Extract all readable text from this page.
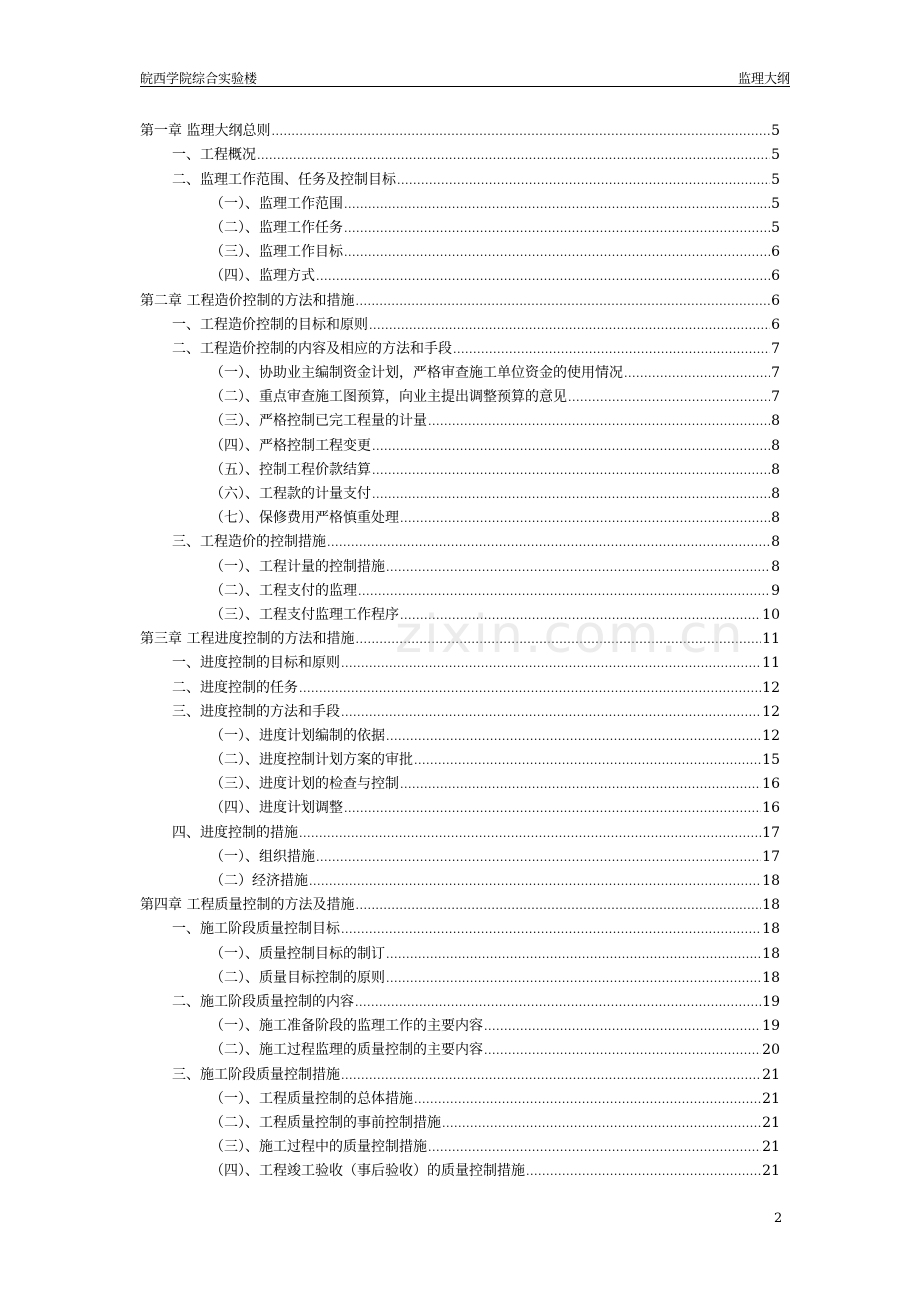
皖西学院综合实验楼	监理大纲
第一章 监理大纲总则 .....	5
一、工程概况 .....	5
二、监理工作范围、任务及控制目标 .....	5
（一）、监理工作范围 .....	5
（二）、监理工作任务 .....	5
（三）、监理工作目标 .....	6
（四）、监理方式 .....	6
第二章 工程造价控制的方法和措施 .....	6
一、工程造价控制的目标和原则 .....	6
二、工程造价控制的内容及相应的方法和手段 .....	7
（一）、协助业主编制资金计划，严格审查施工单位资金的使用情况 .....	7
（二）、重点审查施工图预算，向业主提出调整预算的意见 .....	7
（三）、严格控制已完工程量的计量 .....	8
（四）、严格控制工程变更 .....	8
（五）、控制工程价款结算 .....	8
（六）、工程款的计量支付 .....	8
（七）、保修费用严格慎重处理 .....	8
三、工程造价的控制措施 .....	8
（一）、工程计量的控制措施 .....	8
（二）、工程支付的监理 .....	9
（三）、工程支付监理工作程序 .....	10
第三章 工程进度控制的方法和措施 .....	11
一、进度控制的目标和原则 .....	11
二、进度控制的任务 .....	12
三、进度控制的方法和手段 .....	12
（一）、进度计划编制的依据 .....	12
（二）、进度控制计划方案的审批 .....	15
（三）、进度计划的检查与控制 .....	16
（四）、进度计划调整 .....	16
四、进度控制的措施 .....	17
（一）、组织措施 .....	17
（二）经济措施 .....	18
第四章 工程质量控制的方法及措施 .....	18
一、施工阶段质量控制目标 .....	18
（一）、质量控制目标的制订 .....	18
（二）、质量目标控制的原则 .....	18
二、施工阶段质量控制的内容 .....	19
（一）、施工准备阶段的监理工作的主要内容 .....	19
（二）、施工过程监理的质量控制的主要内容 .....	20
三、施工阶段质量控制措施 .....	21
（一）、工程质量控制的总体措施 .....	21
（二）、工程质量控制的事前控制措施 .....	21
（三）、施工过程中的质量控制措施 .....	21
（四）、工程竣工验收（事后验收）的质量控制措施 .....	21
zixin.com.cn
2
